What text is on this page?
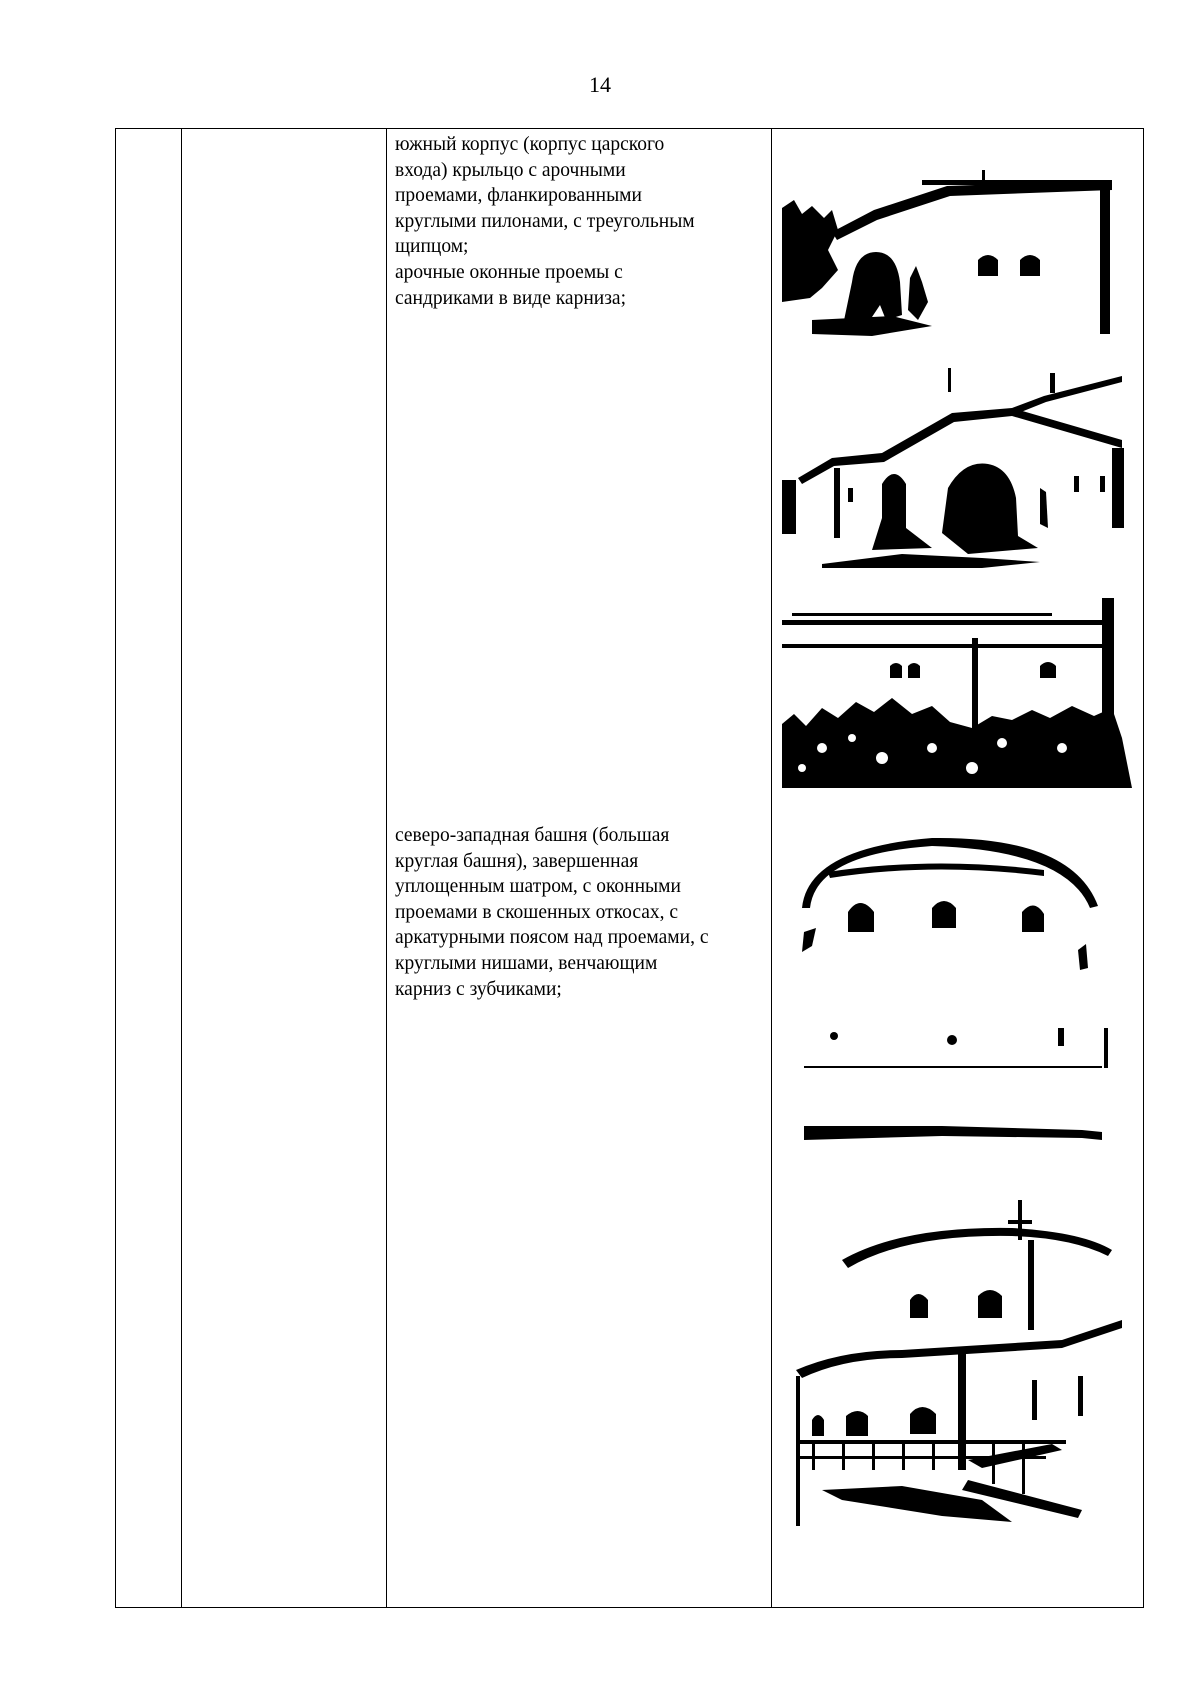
14
южный корпус (корпус царского
входа) крыльцо с арочными
проемами, фланкированными
круглыми пилонами, с треугольным
щипцом;
арочные оконные проемы с
сандриками в виде карниза;
северо-западная башня (большая
круглая башня), завершенная
уплощенным шатром, с оконными
проемами в скошенных откосах, с
аркатурными поясом над проемами, с
круглыми нишами, венчающим
карниз с зубчиками;
